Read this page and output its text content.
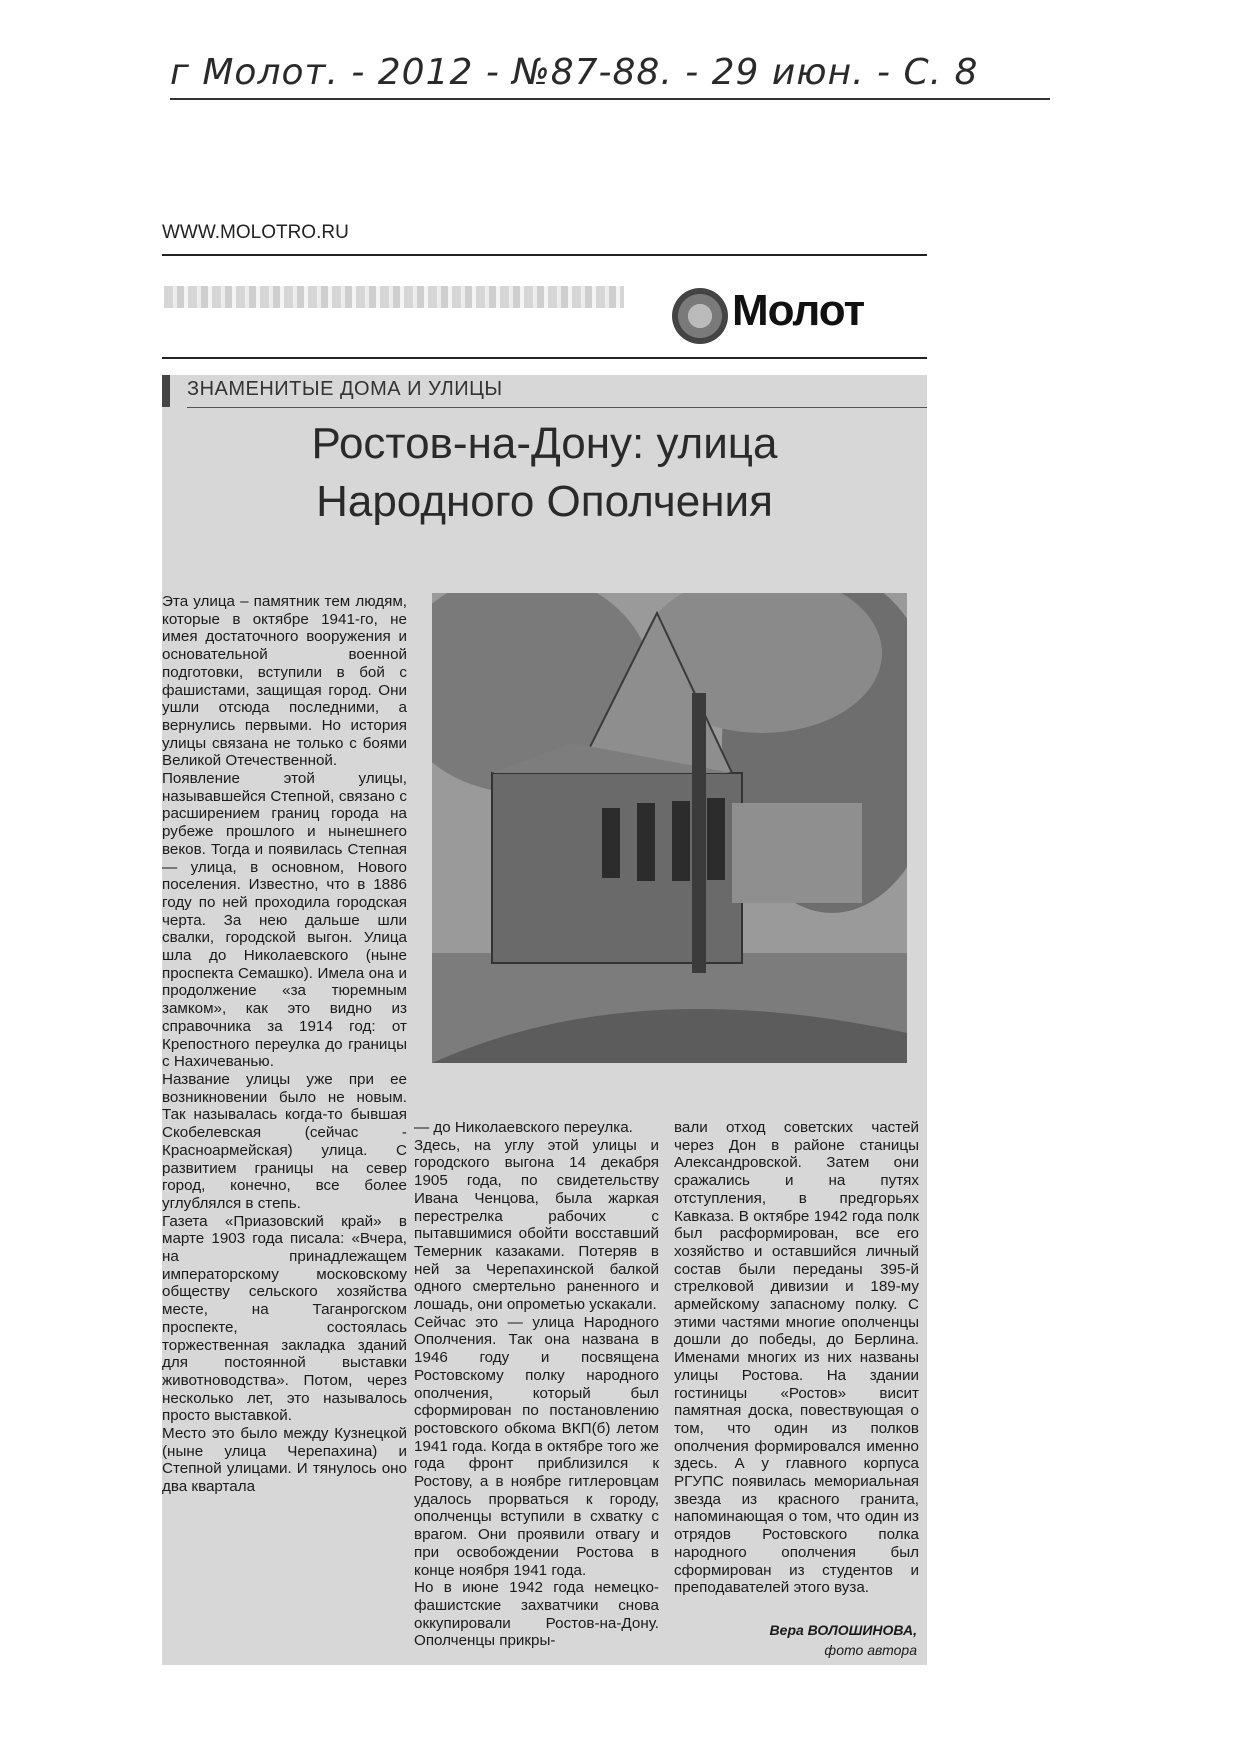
г Молот. - 2012 - №87-88. - 29 июн. - С. 8
WWW.MOLOTRO.RU
Молот
ЗНАМЕНИТЫЕ ДОМА И УЛИЦЫ
Ростов-на-Дону: улица
Народного Ополчения
Эта улица – памятник тем людям, которые в октябре 1941-го, не имея достаточного вооружения и основательной военной подготовки, вступили в бой с фашистами, защищая город. Они ушли отсюда последними, а вернулись первыми. Но история улицы связана не только с боями Великой Отечественной.
Появление этой улицы, называвшейся Степной, связано с расширением границ города на рубеже прошлого и нынешнего веков. Тогда и появилась Степная — улица, в основном, Нового поселения. Известно, что в 1886 году по ней проходила городская черта. За нею дальше шли свалки, городской выгон. Улица шла до Николаевского (ныне проспекта Семашко). Имела она и продолжение «за тюремным замком», как это видно из справочника за 1914 год: от Крепостного переулка до границы с Нахичеванью.
Название улицы уже при ее возникновении было не новым. Так называлась когда-то бывшая Скобелевская (сейчас - Красноармейская) улица. С развитием границы на север город, конечно, все более углублялся в степь.
Газета «Приазовский край» в марте 1903 года писала: «Вчера, на принадлежащем императорскому московскому обществу сельского хозяйства месте, на Таганрогском проспекте, состоялась торжественная закладка зданий для постоянной выставки животноводства». Потом, через несколько лет, это называлось просто выставкой.
Место это было между Кузнецкой (ныне улица Черепахина) и Степной улицами. И тянулось оно два квартала
— до Николаевского переулка.
Здесь, на углу этой улицы и городского выгона 14 декабря 1905 года, по свидетельству Ивана Ченцова, была жаркая перестрелка рабочих с пытавшимися обойти восставший Темерник казаками. Потеряв в ней за Черепахинской балкой одного смертельно раненного и лошадь, они опрометью ускакали.
Сейчас это — улица Народного Ополчения. Так она названа в 1946 году и посвящена Ростовскому полку народного ополчения, который был сформирован по постановлению ростовского обкома ВКП(б) летом 1941 года. Когда в октябре того же года фронт приблизился к Ростову, а в ноябре гитлеровцам удалось прорваться к городу, ополченцы вступили в схватку с врагом. Они проявили отвагу и при освобождении Ростова в конце ноября 1941 года.
Но в июне 1942 года немецко-фашистские захватчики снова оккупировали Ростов-на-Дону. Ополченцы прикры-
вали отход советских частей через Дон в районе станицы Александровской. Затем они сражались и на путях отступления, в предгорьях Кавказа. В октябре 1942 года полк был расформирован, все его хозяйство и оставшийся личный состав были переданы 395-й стрелковой дивизии и 189-му армейскому запасному полку. С этими частями многие ополченцы дошли до победы, до Берлина. Именами многих из них названы улицы Ростова. На здании гостиницы «Ростов» висит памятная доска, повествующая о том, что один из полков ополчения формировался именно здесь. А у главного корпуса РГУПС появилась мемориальная звезда из красного гранита, напоминающая о том, что один из отрядов Ростовского полка народного ополчения был сформирован из студентов и преподавателей этого вуза.
Вера ВОЛОШИНОВА,
фото автора
